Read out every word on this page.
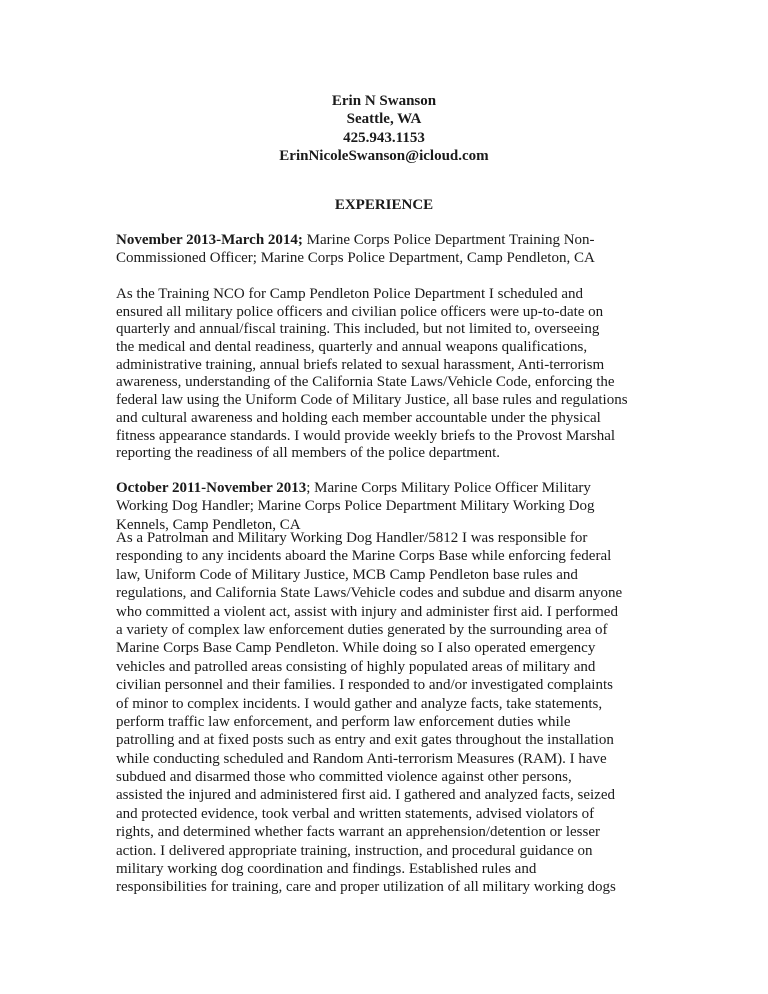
Erin N Swanson
Seattle, WA
425.943.1153
ErinNicoleSwanson@icloud.com
EXPERIENCE
November 2013-March 2014; Marine Corps Police Department Training Non-
Commissioned Officer; Marine Corps Police Department, Camp Pendleton, CA
As the Training NCO for Camp Pendleton Police Department I scheduled and
ensured all military police officers and civilian police officers were up-to-date on
quarterly and annual/fiscal training. This included, but not limited to, overseeing
the medical and dental readiness, quarterly and annual weapons qualifications,
administrative training, annual briefs related to sexual harassment, Anti-terrorism
awareness, understanding of the California State Laws/Vehicle Code, enforcing the
federal law using the Uniform Code of Military Justice, all base rules and regulations
and cultural awareness and holding each member accountable under the physical
fitness appearance standards. I would provide weekly briefs to the Provost Marshal
reporting the readiness of all members of the police department.
October 2011-November 2013; Marine Corps Military Police Officer Military
Working Dog Handler; Marine Corps Police Department Military Working Dog
Kennels, Camp Pendleton, CA
As a Patrolman and Military Working Dog Handler/5812 I was responsible for
responding to any incidents aboard the Marine Corps Base while enforcing federal
law, Uniform Code of Military Justice, MCB Camp Pendleton base rules and
regulations, and California State Laws/Vehicle codes and subdue and disarm anyone
who committed a violent act, assist with injury and administer first aid. I performed
a variety of complex law enforcement duties generated by the surrounding area of
Marine Corps Base Camp Pendleton. While doing so I also operated emergency
vehicles and patrolled areas consisting of highly populated areas of military and
civilian personnel and their families. I responded to and/or investigated complaints
of minor to complex incidents. I would gather and analyze facts, take statements,
perform traffic law enforcement, and perform law enforcement duties while
patrolling and at fixed posts such as entry and exit gates throughout the installation
while conducting scheduled and Random Anti-terrorism Measures (RAM). I have
subdued and disarmed those who committed violence against other persons,
assisted the injured and administered first aid. I gathered and analyzed facts, seized
and protected evidence, took verbal and written statements, advised violators of
rights, and determined whether facts warrant an apprehension/detention or lesser
action. I delivered appropriate training, instruction, and procedural guidance on
military working dog coordination and findings. Established rules and
responsibilities for training, care and proper utilization of all military working dogs
